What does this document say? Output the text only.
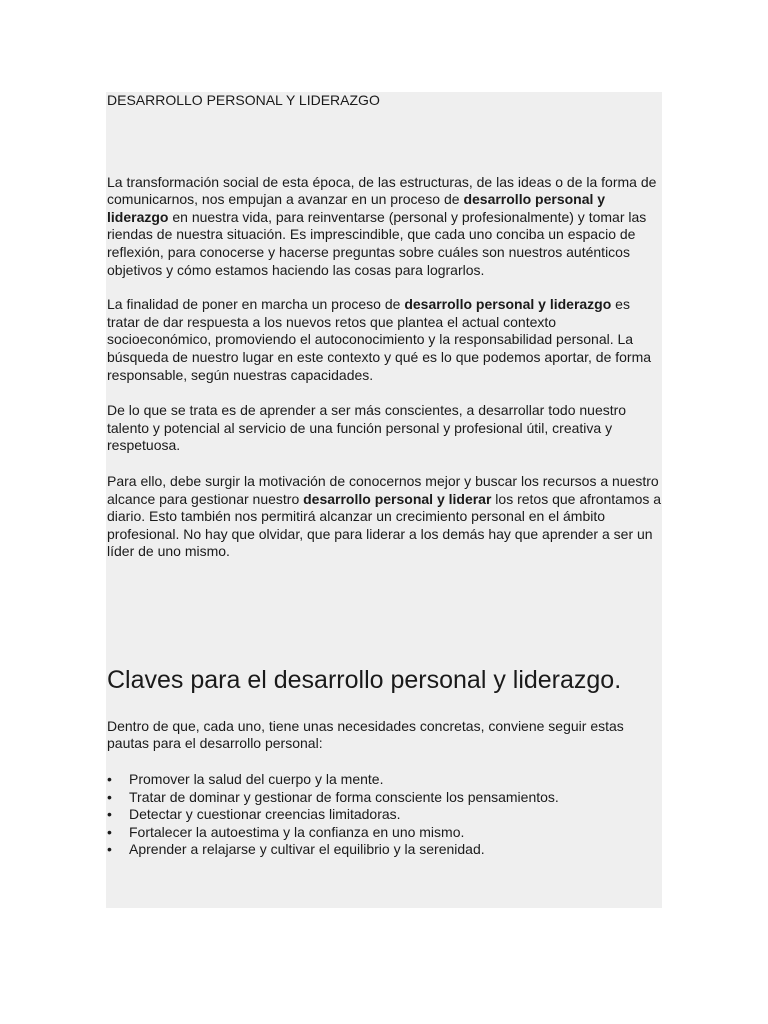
DESARROLLO PERSONAL Y LIDERAZGO

La transformación social de esta época, de las estructuras, de las ideas o de la forma de comunicarnos, nos empujan a avanzar en un proceso de desarrollo personal y liderazgo en nuestra vida, para reinventarse (personal y profesionalmente) y tomar las riendas de nuestra situación. Es imprescindible, que cada uno conciba un espacio de reflexión, para conocerse y hacerse preguntas sobre cuáles son nuestros auténticos objetivos y cómo estamos haciendo las cosas para lograrlos.

La finalidad de poner en marcha un proceso de desarrollo personal y liderazgo es tratar de dar respuesta a los nuevos retos que plantea el actual contexto socioeconómico, promoviendo el autoconocimiento y la responsabilidad personal. La búsqueda de nuestro lugar en este contexto y qué es lo que podemos aportar, de forma responsable, según nuestras capacidades.

De lo que se trata es de aprender a ser más conscientes, a desarrollar todo nuestro talento y potencial al servicio de una función personal y profesional útil, creativa y respetuosa.

Para ello, debe surgir la motivación de conocernos mejor y buscar los recursos a nuestro alcance para gestionar nuestro desarrollo personal y liderar los retos que afrontamos a diario. Esto también nos permitirá alcanzar un crecimiento personal en el ámbito profesional. No hay que olvidar, que para liderar a los demás hay que aprender a ser un líder de uno mismo.

Claves para el desarrollo personal y liderazgo.

Dentro de que, cada uno, tiene unas necesidades concretas, conviene seguir estas pautas para el desarrollo personal:

• Promover la salud del cuerpo y la mente.
• Tratar de dominar y gestionar de forma consciente los pensamientos.
• Detectar y cuestionar creencias limitadoras.
• Fortalecer la autoestima y la confianza en uno mismo.
• Aprender a relajarse y cultivar el equilibrio y la serenidad.
